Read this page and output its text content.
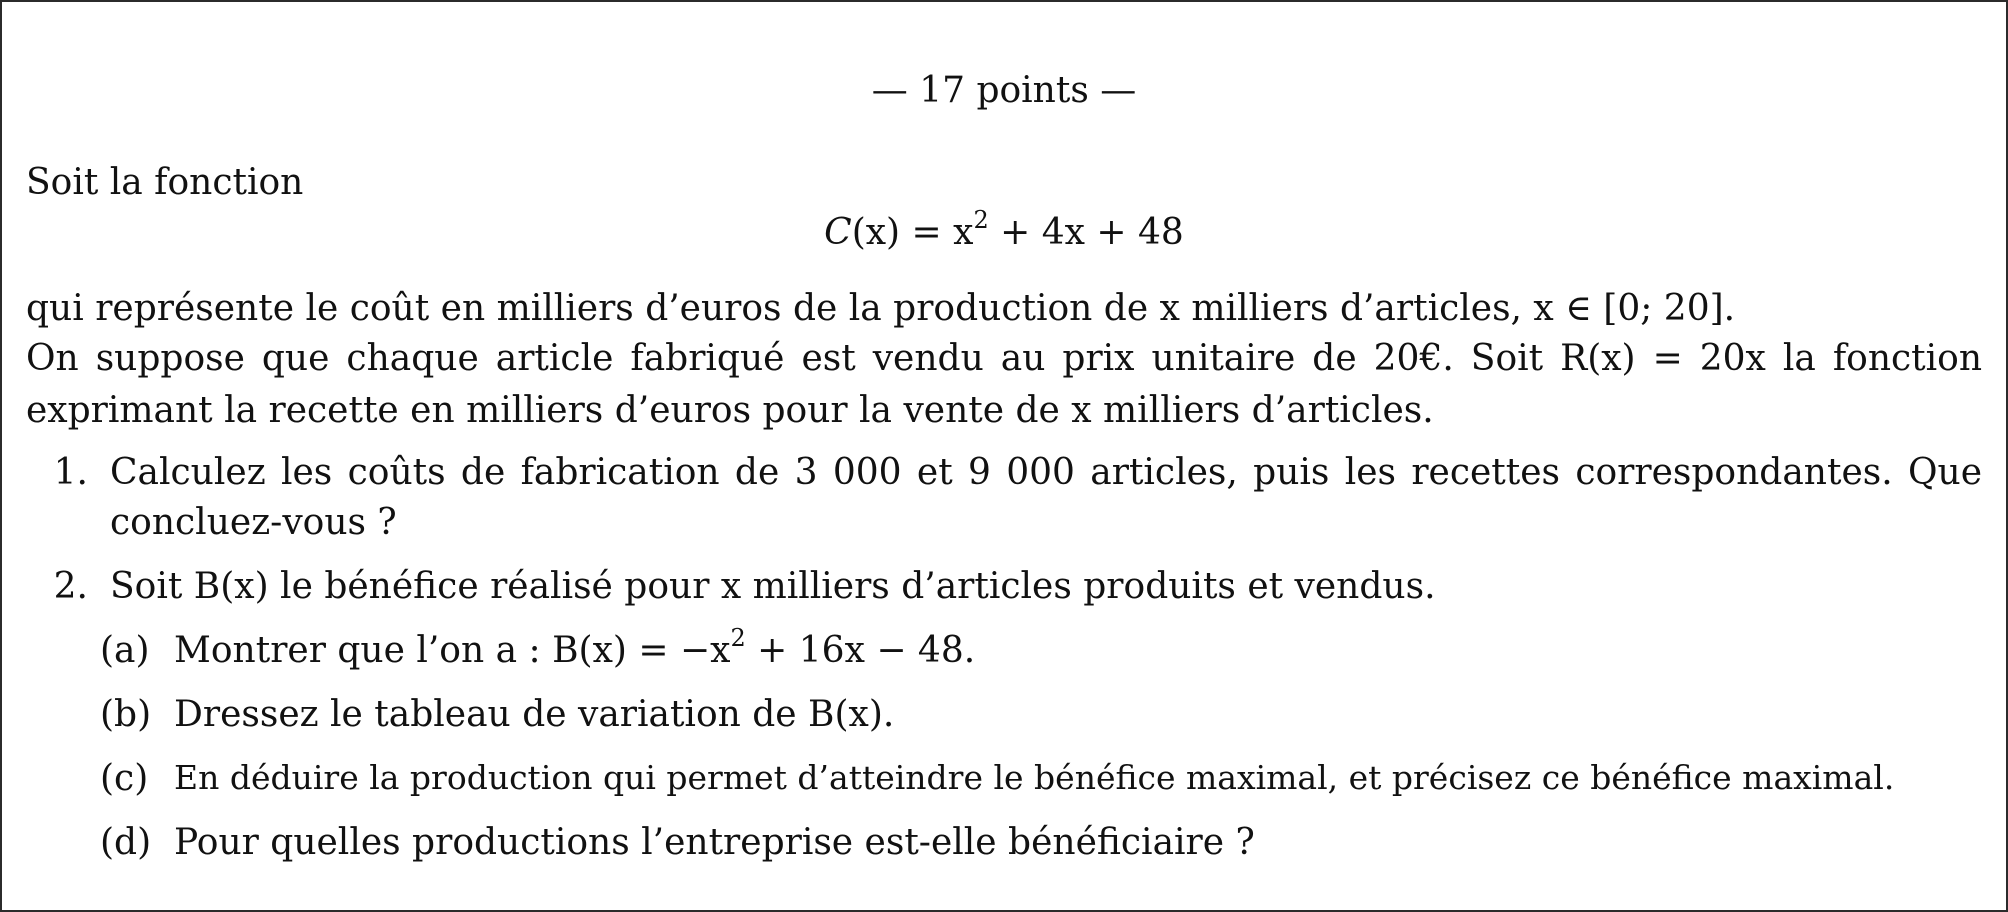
— 17 points —
Soit la fonction
$C(x) = x^2 + 4x + 48$
qui représente le coût en milliers d’euros de la production de x milliers d’articles, x ∈ [0; 20].
On suppose que chaque article fabriqué est vendu au prix unitaire de 20€. Soit R(x) = 20x la fonction
exprimant la recette en milliers d’euros pour la vente de x milliers d’articles.
1. Calculez les coûts de fabrication de 3 000 et 9 000 articles, puis les recettes correspondantes. Que
concluez-vous ?
2. Soit B(x) le bénéfice réalisé pour x milliers d’articles produits et vendus.
(a) Montrer que l’on a : $B(x) = -x^2 + 16x - 48$.
(b) Dressez le tableau de variation de B(x).
(c) En déduire la production qui permet d’atteindre le bénéfice maximal, et précisez ce bénéfice maximal.
(d) Pour quelles productions l’entreprise est-elle bénéficiaire ?
